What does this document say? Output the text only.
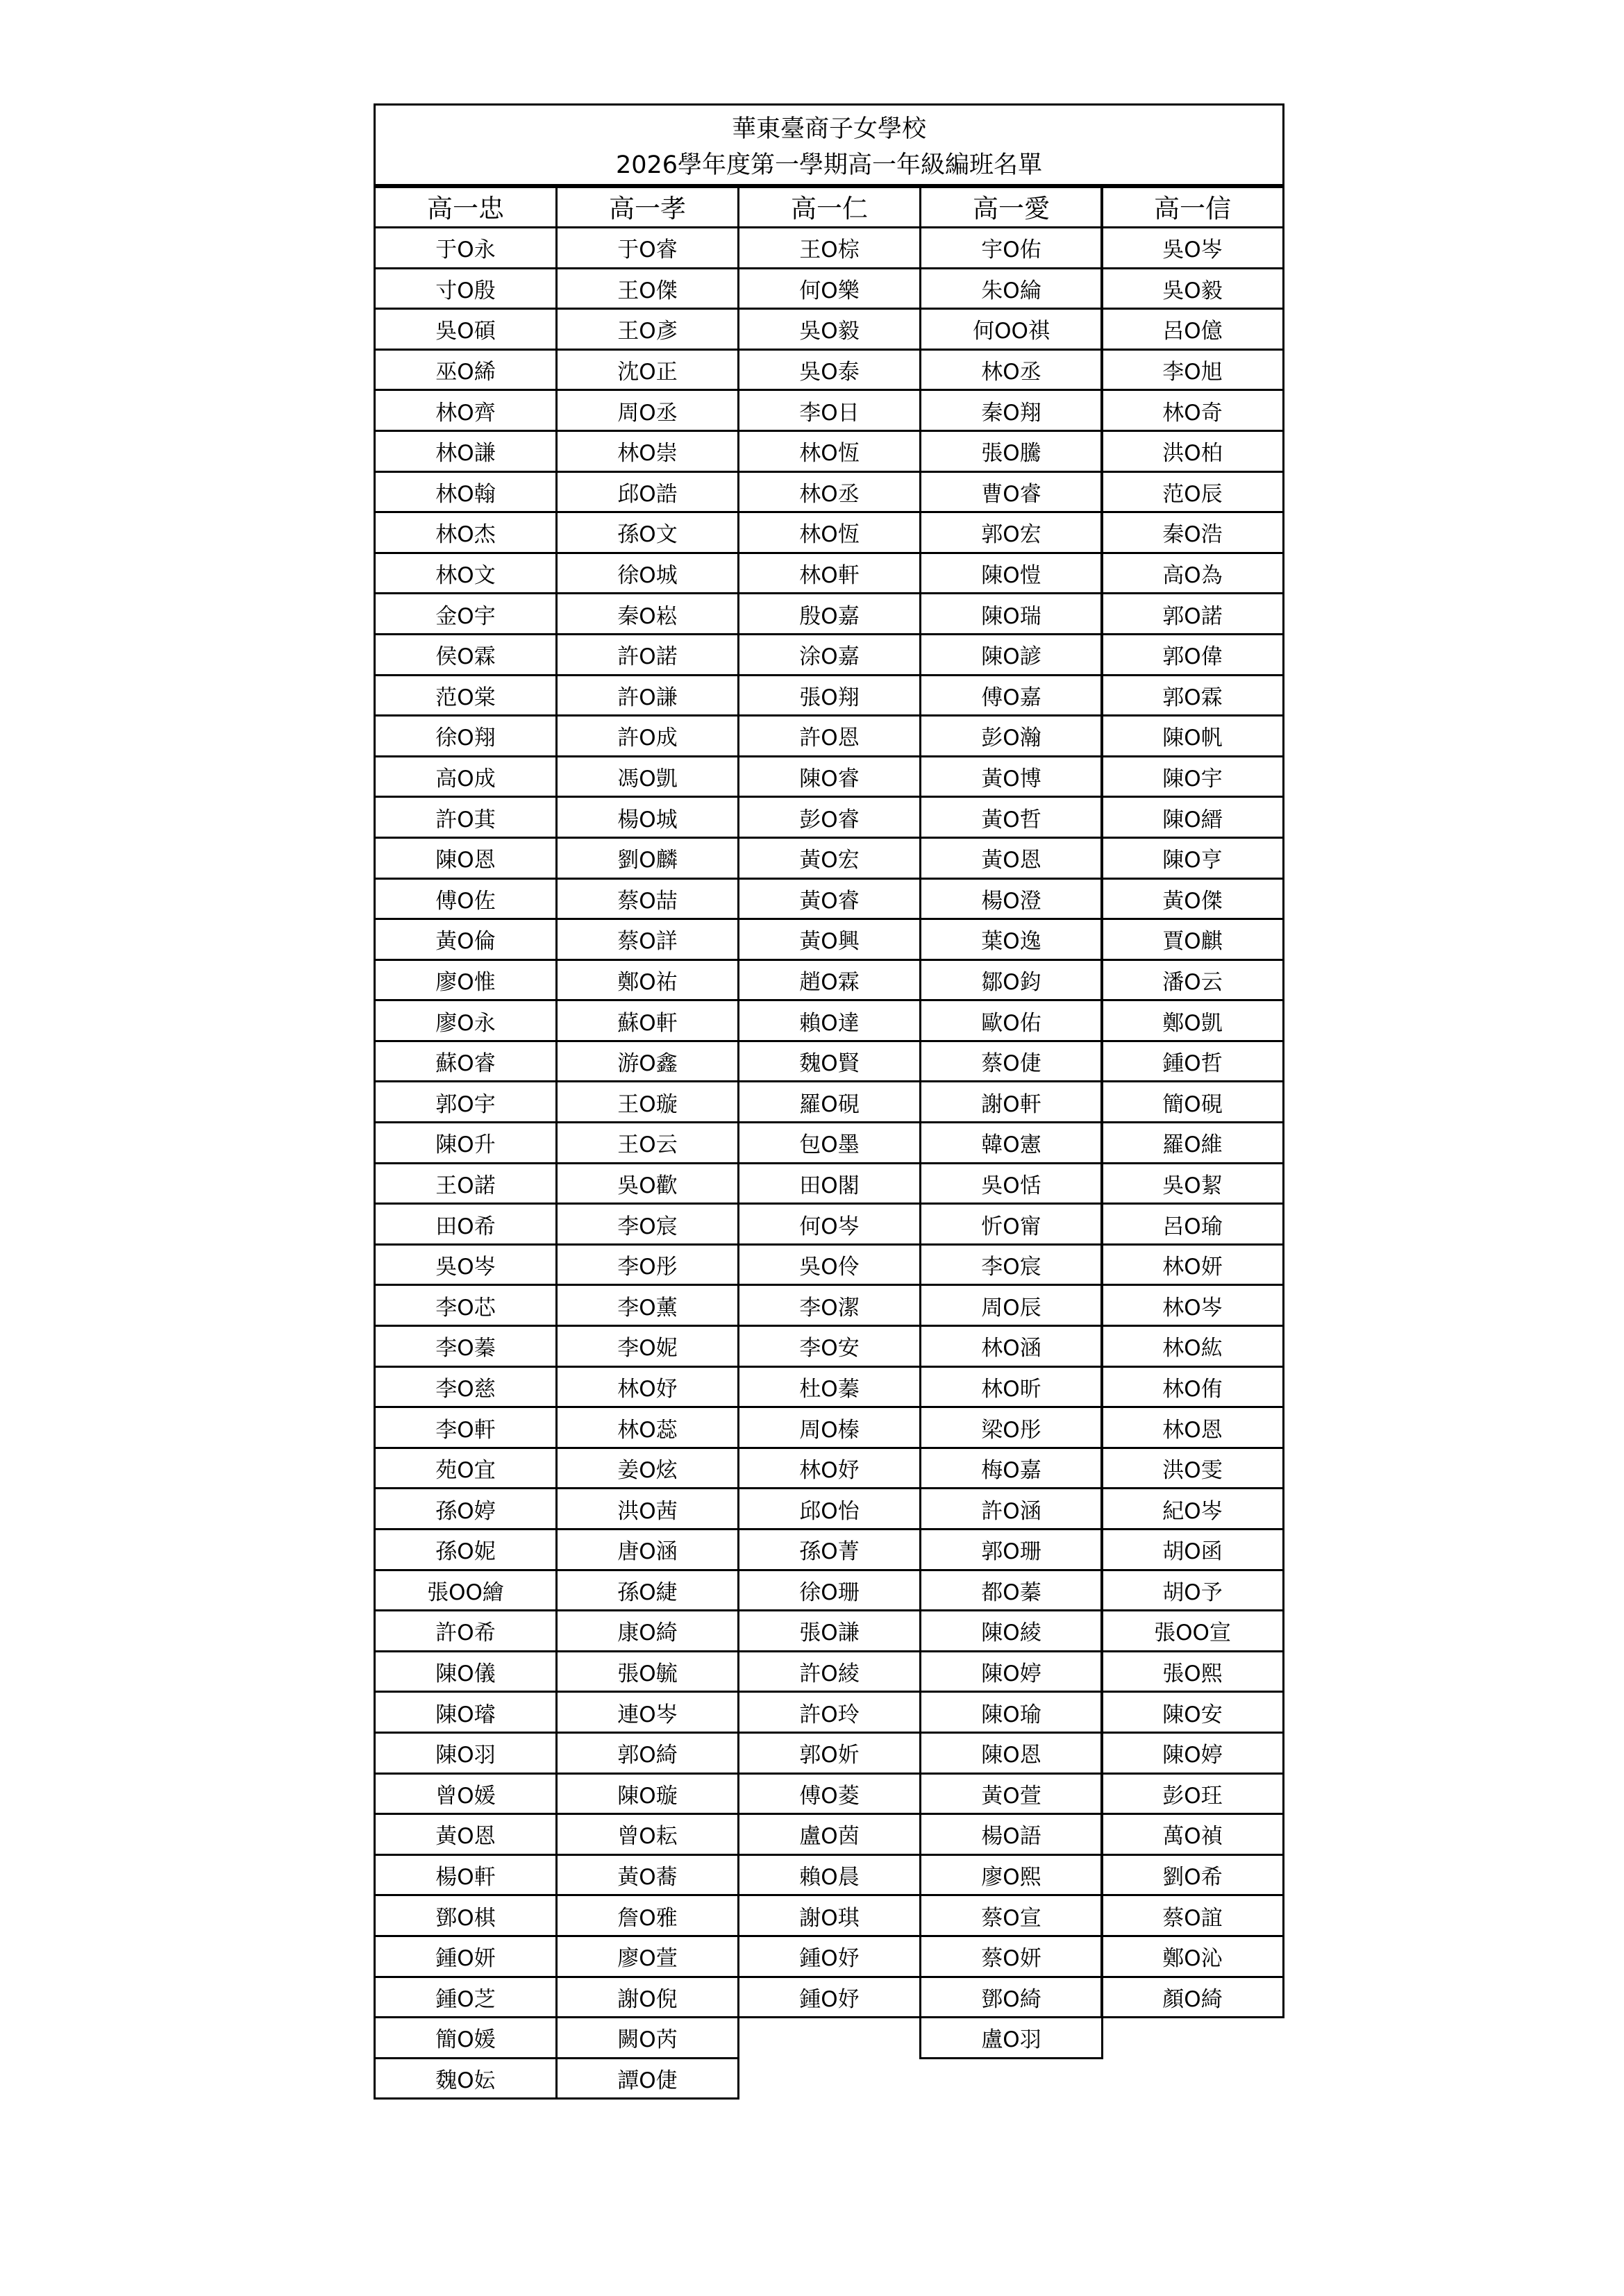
華東臺商子女學校
2026學年度第一學期高一年級編班名單
高一忠
于O永
寸O殷
吳O碩
巫O絺
林O齊
林O謙
林O翰
林O杰
林O文
金O宇
侯O霖
范O棠
徐O翔
高O成
許O萁
陳O恩
傅O佐
黃O倫
廖O惟
廖O永
蘇O睿
郭O宇
陳O升
王O諾
田O希
吳O岑
李O芯
李O蓁
李O慈
李O軒
苑O宜
孫O婷
孫O妮
張OO繪
許O希
陳O儀
陳O璿
陳O羽
曾O媛
黃O恩
楊O軒
鄧O棋
鍾O妍
鍾O芝
簡O媛
魏O妘
高一孝
于O睿
王O傑
王O彥
沈O正
周O丞
林O崇
邱O誥
孫O文
徐O城
秦O崧
許O諾
許O謙
許O成
馮O凱
楊O城
劉O麟
蔡O喆
蔡O詳
鄭O祐
蘇O軒
游O鑫
王O璇
王O云
吳O歡
李O宸
李O彤
李O薰
李O妮
林O妤
林O蕊
姜O炫
洪O茜
唐O涵
孫O緁
康O綺
張O毓
連O岑
郭O綺
陳O璇
曾O耘
黃O蕎
詹O雅
廖O萱
謝O倪
闕O芮
譚O倢
高一仁
王O棕
何O樂
吳O毅
吳O泰
李O日
林O恆
林O丞
林O恆
林O軒
殷O嘉
涂O嘉
張O翔
許O恩
陳O睿
彭O睿
黃O宏
黃O睿
黃O興
趙O霖
賴O達
魏O賢
羅O硯
包O墨
田O閣
何O岑
吳O伶
李O潔
李O安
杜O蓁
周O榛
林O妤
邱O怡
孫O菁
徐O珊
張O謙
許O綾
許O玲
郭O妡
傅O菱
盧O茵
賴O晨
謝O琪
鍾O妤
鍾O妤
高一愛
宇O佑
朱O綸
何OO祺
林O丞
秦O翔
張O騰
曹O睿
郭O宏
陳O愷
陳O瑞
陳O諺
傅O嘉
彭O瀚
黃O博
黃O哲
黃O恩
楊O澄
葉O逸
鄒O鈞
歐O佑
蔡O倢
謝O軒
韓O憲
吳O恬
忻O甯
李O宸
周O辰
林O涵
林O昕
梁O彤
梅O嘉
許O涵
郭O珊
都O蓁
陳O綾
陳O婷
陳O瑜
陳O恩
黃O萱
楊O語
廖O熙
蔡O宣
蔡O妍
鄧O綺
盧O羽
高一信
吳O岑
吳O毅
呂O億
李O旭
林O奇
洪O柏
范O辰
秦O浩
高O為
郭O諾
郭O偉
郭O霖
陳O帆
陳O宇
陳O縉
陳O亨
黃O傑
賈O麒
潘O云
鄭O凱
鍾O哲
簡O硯
羅O維
吳O絜
呂O瑜
林O妍
林O岑
林O紘
林O侑
林O恩
洪O雯
紀O岑
胡O函
胡O予
張OO宣
張O熙
陳O安
陳O婷
彭O玨
萬O禎
劉O希
蔡O誼
鄭O沁
顏O綺
